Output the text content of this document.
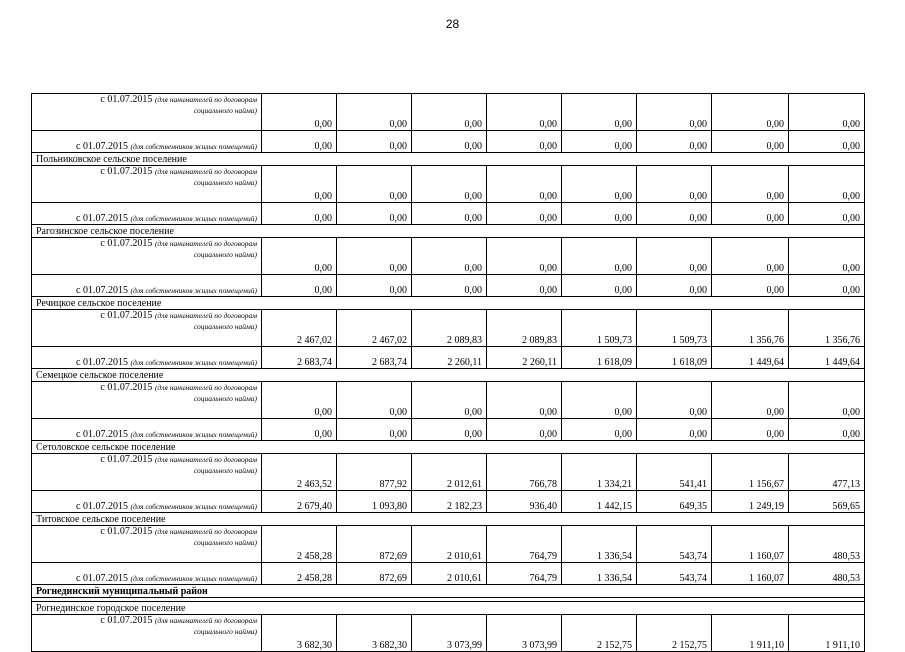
28
с 01.07.2015 (для нанимателей по договорам
социального найма)	0,00	0,00	0,00	0,00	0,00	0,00	0,00	0,00
с 01.07.2015 (для собственников жилых помещений)	0,00	0,00	0,00	0,00	0,00	0,00	0,00	0,00
Польниковское сельское поселение								
с 01.07.2015 (для нанимателей по договорам
социального найма)	0,00	0,00	0,00	0,00	0,00	0,00	0,00	0,00
с 01.07.2015 (для собственников жилых помещений)	0,00	0,00	0,00	0,00	0,00	0,00	0,00	0,00
Рагозинское сельское поселение								
с 01.07.2015 (для нанимателей по договорам
социального найма)	0,00	0,00	0,00	0,00	0,00	0,00	0,00	0,00
с 01.07.2015 (для собственников жилых помещений)	0,00	0,00	0,00	0,00	0,00	0,00	0,00	0,00
Речицкое сельское поселение								
с 01.07.2015 (для нанимателей по договорам
социального найма)	2 467,02	2 467,02	2 089,83	2 089,83	1 509,73	1 509,73	1 356,76	1 356,76
с 01.07.2015 (для собственников жилых помещений)	2 683,74	2 683,74	2 260,11	2 260,11	1 618,09	1 618,09	1 449,64	1 449,64
Семецкое сельское поселение								
с 01.07.2015 (для нанимателей по договорам
социального найма)	0,00	0,00	0,00	0,00	0,00	0,00	0,00	0,00
с 01.07.2015 (для собственников жилых помещений)	0,00	0,00	0,00	0,00	0,00	0,00	0,00	0,00
Сетоловское сельское поселение								
с 01.07.2015 (для нанимателей по договорам
социального найма)	2 463,52	877,92	2 012,61	766,78	1 334,21	541,41	1 156,67	477,13
с 01.07.2015 (для собственников жилых помещений)	2 679,40	1 093,80	2 182,23	936,40	1 442,15	649,35	1 249,19	569,65
Титовское сельское поселение								
с 01.07.2015 (для нанимателей по договорам
социального найма)	2 458,28	872,69	2 010,61	764,79	1 336,54	543,74	1 160,07	480,53
с 01.07.2015 (для собственников жилых помещений)	2 458,28	872,69	2 010,61	764,79	1 336,54	543,74	1 160,07	480,53
Рогнединский муниципальный район								

Рогнединское городское поселение								
с 01.07.2015 (для нанимателей по договорам
социального найма)	3 682,30	3 682,30	3 073,99	3 073,99	2 152,75	2 152,75	1 911,10	1 911,10
